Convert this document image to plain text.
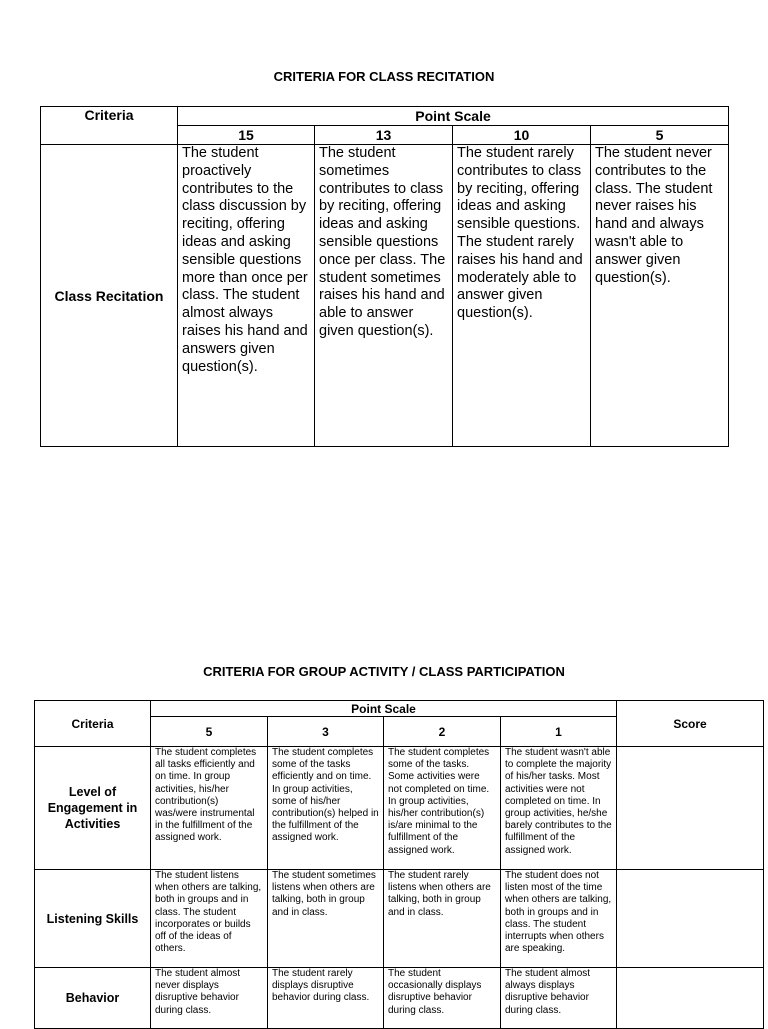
CRITERIA FOR CLASS RECITATION
Criteria	Point Scale			
	15	13	10	5
Class Recitation	The student proactively contributes to the class discussion by reciting, offering ideas and asking sensible questions more than once per class. The student almost always raises his hand and answers given question(s).	The student sometimes contributes to class by reciting, offering ideas and asking sensible questions once per class. The student sometimes raises his hand and able to answer given question(s).	The student rarely contributes to class by reciting, offering ideas and asking sensible questions. The student rarely raises his hand and moderately able to answer given question(s).	The student never contributes to the class. The student never raises his hand and always wasn't able to answer given question(s).
CRITERIA FOR GROUP ACTIVITY / CLASS PARTICIPATION
Criteria	Point Scale				Score
	5	3	2	1	
Level of Engagement in Activities	The student completes all tasks efficiently and on time. In group activities, his/her contribution(s) was/were instrumental in the fulfillment of the assigned work.	The student completes some of the tasks efficiently and on time. In group activities, some of his/her contribution(s) helped in the fulfillment of the assigned work.	The student completes some of the tasks. Some activities were not completed on time. In group activities, his/her contribution(s) is/are minimal to the fulfillment of the assigned work.	The student wasn't able to complete the majority of his/her tasks. Most activities were not completed on time. In group activities, he/she barely contributes to the fulfillment of the assigned work.	
Listening Skills	The student listens when others are talking, both in groups and in class. The student incorporates or builds off of the ideas of others.	The student sometimes listens when others are talking, both in group and in class.	The student rarely listens when others are talking, both in group and in class.	The student does not listen most of the time when others are talking, both in groups and in class. The student interrupts when others are speaking.	
Behavior	The student almost never displays disruptive behavior during class.	The student rarely displays disruptive behavior during class.	The student occasionally displays disruptive behavior during class.	The student almost always displays disruptive behavior during class.	
